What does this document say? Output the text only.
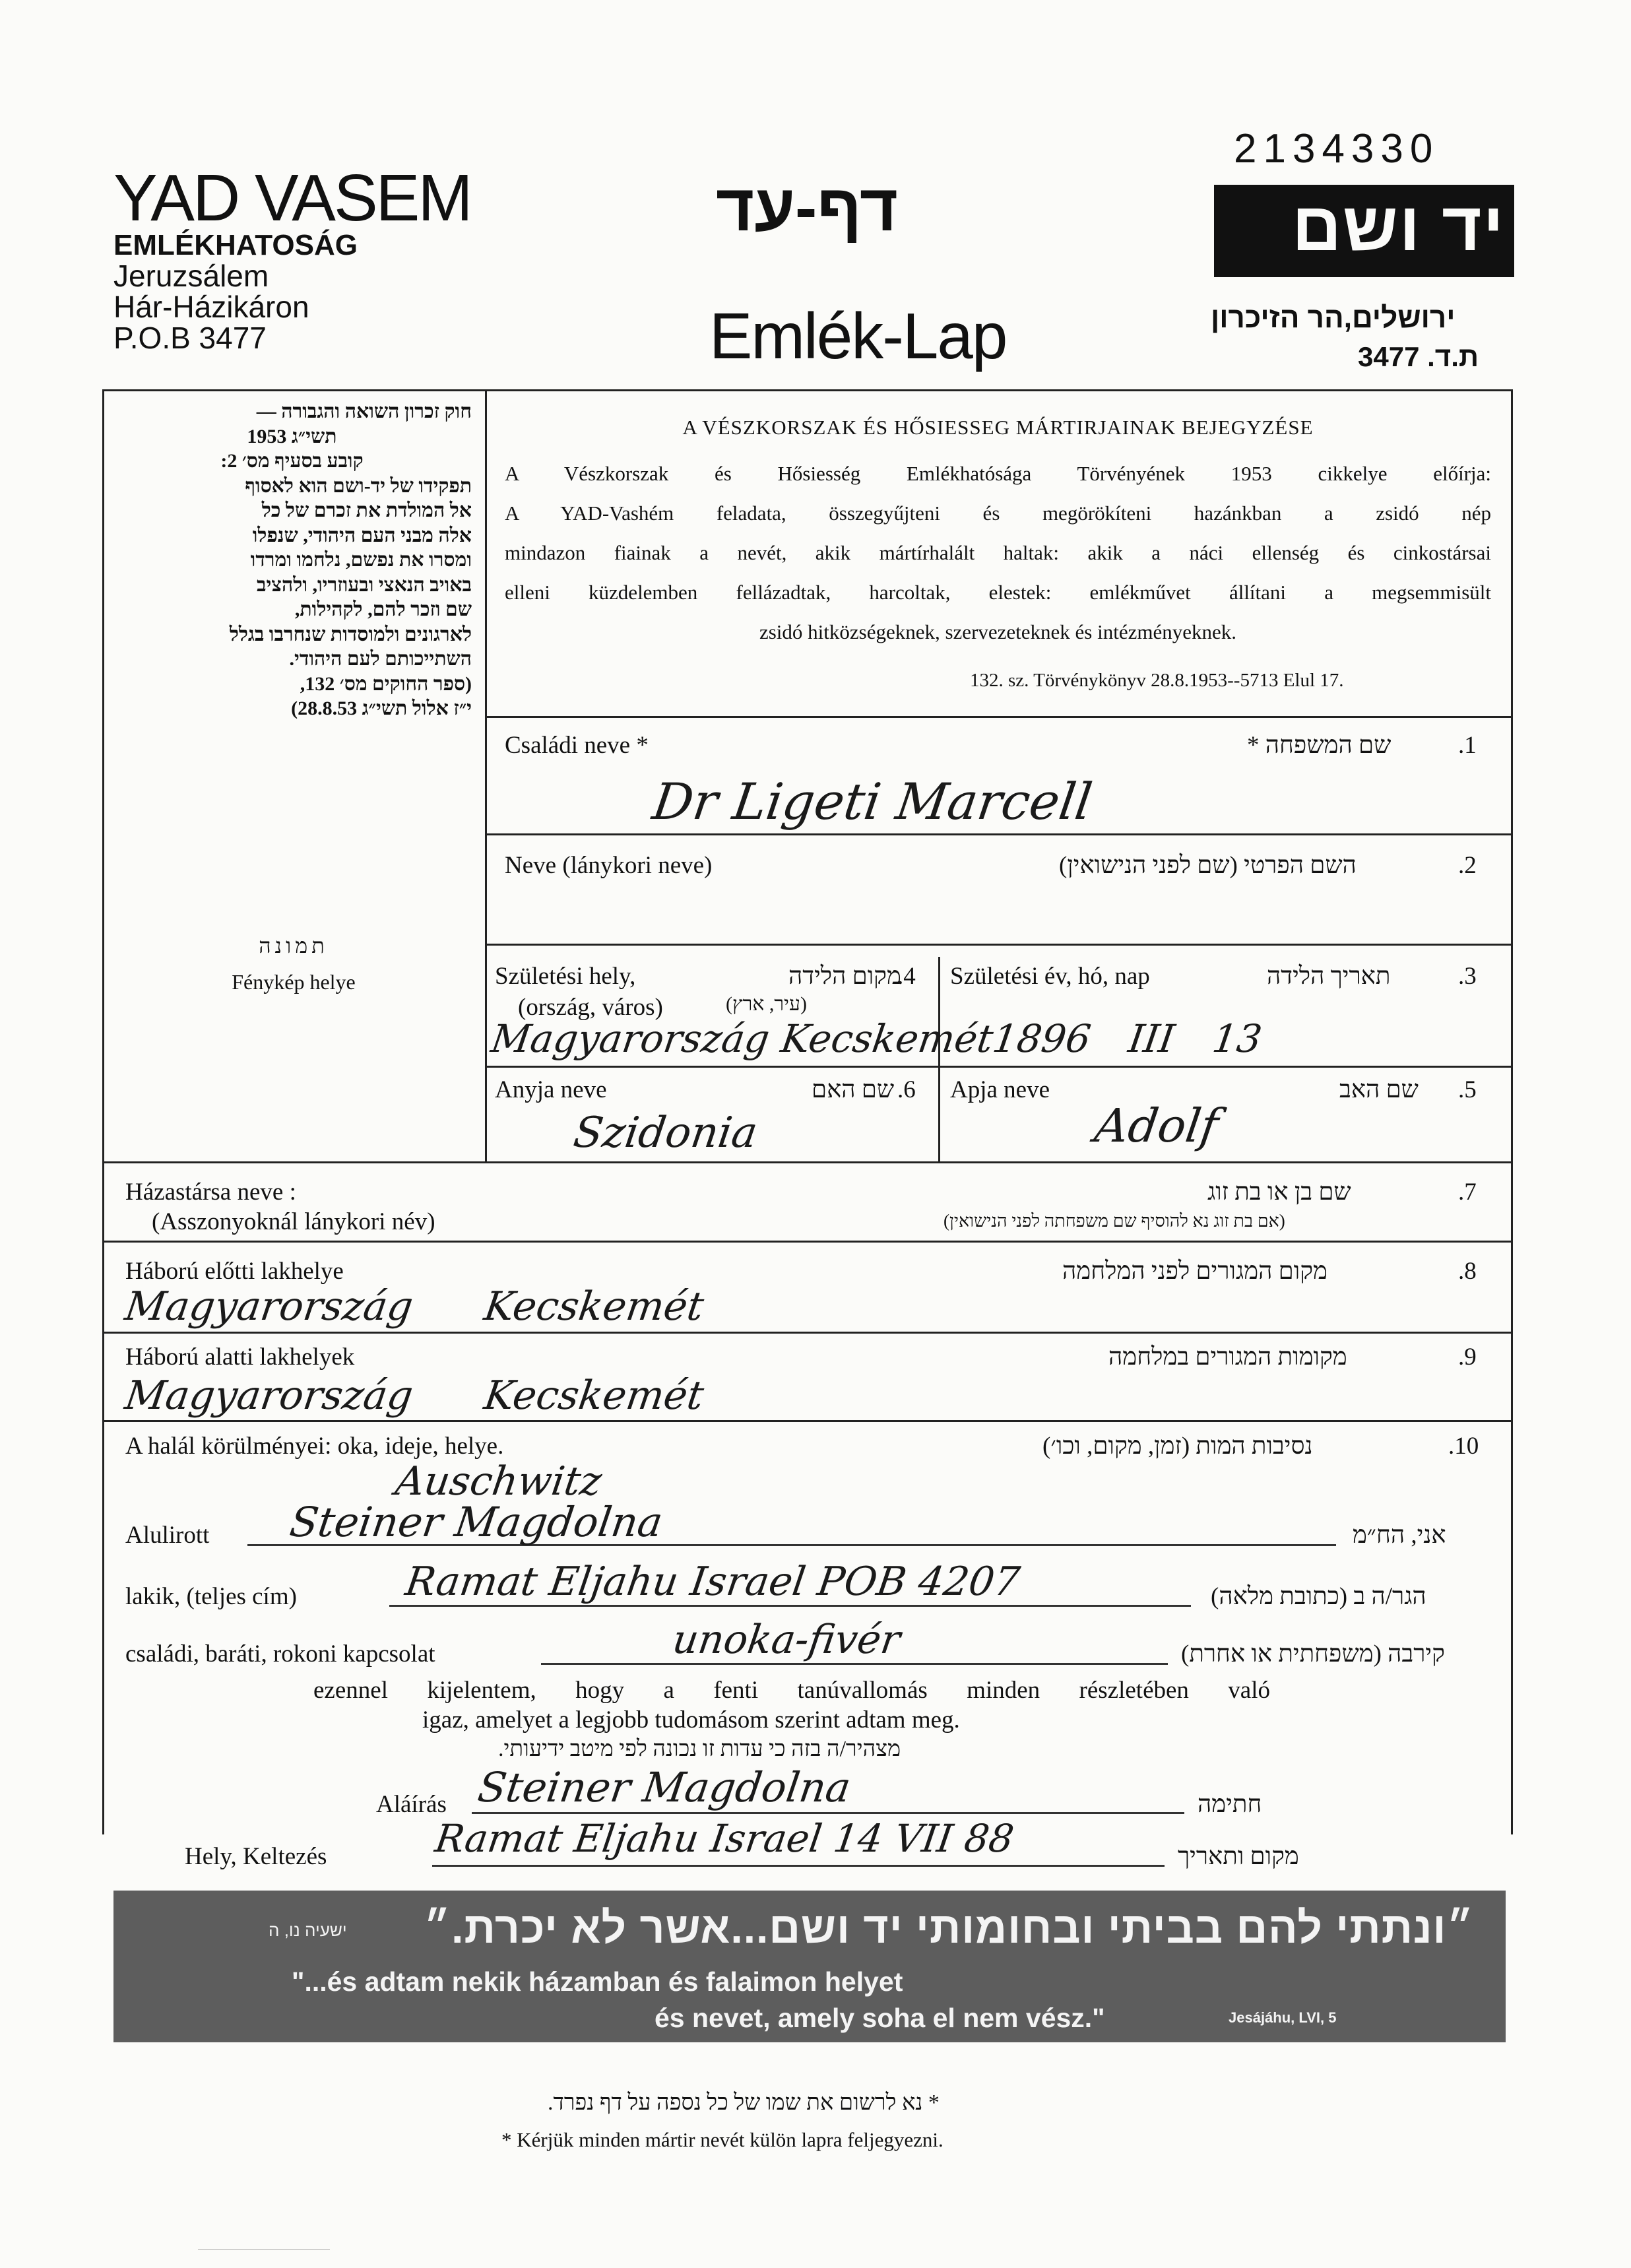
YAD VASEM
EMLÉKHATOSÁG
Jeruzsálem
Hár-Házikáron
P.O.B 3477
דף-עד
Emlék-Lap
2134330
יד ושם
ירושלים,הר הזיכרון
ת.ד. 3477
חוק זכרון השואה והגבורה —
תשי״ג 1953
קובע בסעיף מס׳ 2:
תפקידו של יד-ושם הוא לאסוף
אל המולדת את זכרם של כל
אלה מבני העם היהודי, שנפלו
ומסרו את נפשם, נלחמו ומרדו
באויב הנאצי ובעוזריו, ולהציב
שם וזכר להם, לקהילות,
לארגונים ולמוסדות שנחרבו בגלל
השתייכותם לעם היהודי.
(ספר החוקים מס׳ 132,
י״ז אלול תשי״ג 28.8.53)
תמונה
Fénykép helye
A VÉSZKORSZAK ÉS HŐSIESSEG MÁRTIRJAINAK BEJEGYZÉSE
A Vészkorszak és Hősiesség Emlékhatósága Törvényének 1953 cikkelye előírja:
A YAD-Vashém feladata, összegyűjteni és megörökíteni hazánkban a zsidó nép
mindazon fiainak a nevét, akik mártírhalált haltak: akik a náci ellenség és cinkostársai
elleni küzdelemben fellázadtak, harcoltak, elestek: emlékművet állítani a megsemmisült
zsidó hitközségeknek, szervezeteknek és intézményeknek.
132. sz. Törvénykönyv 28.8.1953--5713 Elul 17.
Családi neve *	שם המשפחה *	.1
Dr Ligeti Marcell
Neve (lánykori neve)	השם הפרטי (שם לפני הנישואין)	.2
Születési hely,	מקום הלידה
.4
(ország, város)	(עיר, ארץ)
Magyarország Kecskemét
Születési év, hó, nap	תאריך הלידה	.3
1896 III 13
Anyja neve	שם האם .6
Szidonia
Apja neve	שם האב .5
Adolf
Házastársa neve :
(Asszonyoknál lánykori név)
שם בן או בת זוג	.7
(אם בת זוג נא להוסיף שם משפחתה לפני הנישואין)
Háború előtti lakhelye	מקום המגורים לפני המלחמה	.8
Magyarország Kecskemét
Háború alatti lakhelyek	מקומות המגורים במלחמה	.9
Magyarország Kecskemét
A halál körülményei: oka, ideje, helye.	נסיבות המות (זמן, מקום, וכו׳)	.10
Auschwitz
Alulirott Steiner Magdolna	אני, הח״מ
lakik, (teljes cím)	Ramat Eljahu Israel POB 4207	הגר/ה ב (כתובת מלאה)
családi, baráti, rokoni kapcsolat	unoka-fivér	קירבה (משפחתית או אחרת)
ezennel kijelentem, hogy a fenti tanúvallomás minden részletében való
igaz, amelyet a legjobb tudomásom szerint adtam meg.
מצהיר/ה בזה כי עדות זו נכונה לפי מיטב ידיעותי.
Aláírás Steiner Magdolna	חתימה
Hely, Keltezés	Ramat Eljahu Israel 14 VII 88	מקום ותאריך
״ונתתי להם בביתי ובחומותי יד ושם...אשר לא יכרת.״
ישעיה נו, ה
"...és adtam nekik házamban és falaimon helyet
és nevet, amely soha el nem vész."	Jesájáhu, LVI, 5
* נא לרשום את שמו של כל נספה על דף נפרד.
* Kérjük minden mártir nevét külön lapra feljegyezni.
